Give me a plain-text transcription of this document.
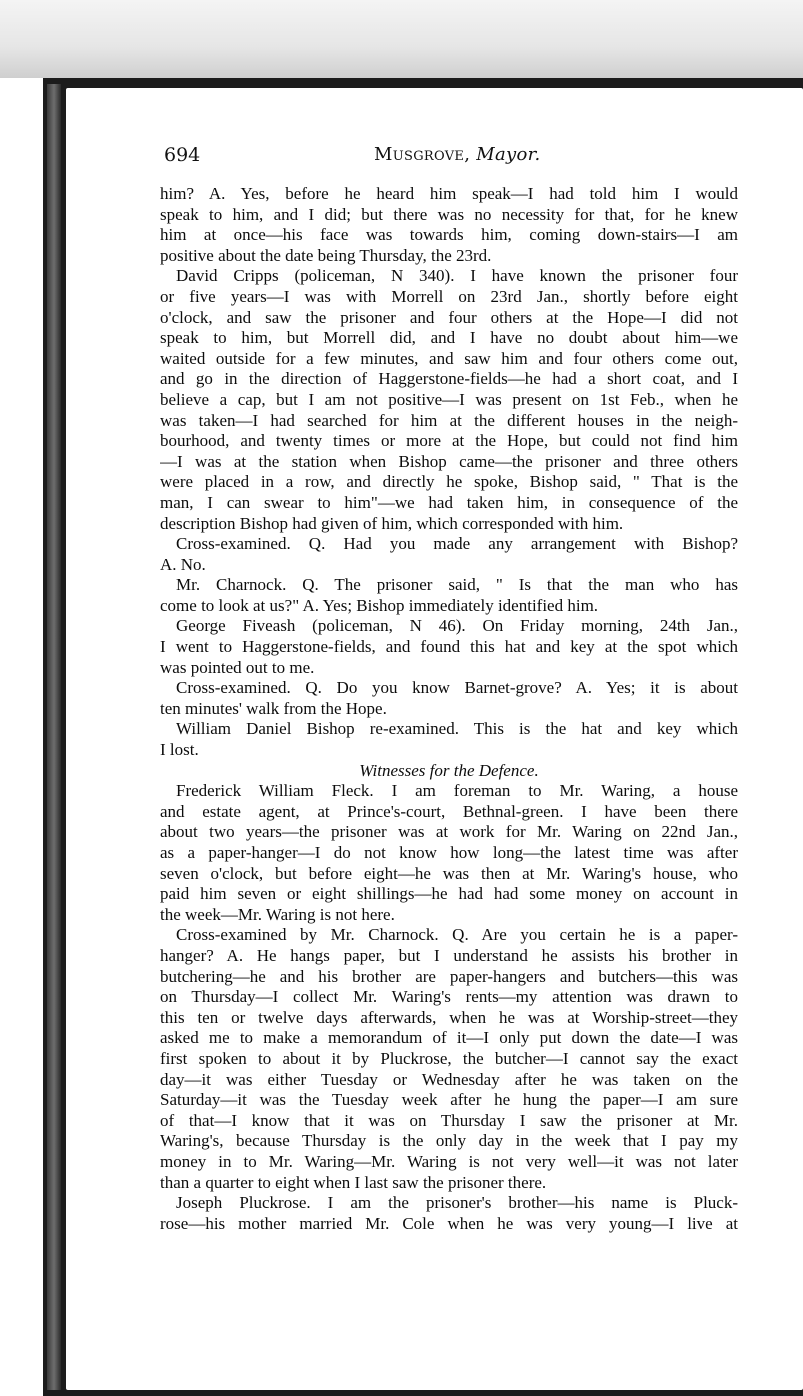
694	Musgrove, Mayor.
him? A. Yes, before he heard him speak—I had told him I would
speak to him, and I did; but there was no necessity for that, for he knew
him at once—his face was towards him, coming down-stairs—I am
positive about the date being Thursday, the 23rd.
David Cripps (policeman, N 340). I have known the prisoner four
or five years—I was with Morrell on 23rd Jan., shortly before eight
o'clock, and saw the prisoner and four others at the Hope—I did not
speak to him, but Morrell did, and I have no doubt about him—we
waited outside for a few minutes, and saw him and four others come out,
and go in the direction of Haggerstone-fields—he had a short coat, and I
believe a cap, but I am not positive—I was present on 1st Feb., when he
was taken—I had searched for him at the different houses in the neigh-
bourhood, and twenty times or more at the Hope, but could not find him
—I was at the station when Bishop came—the prisoner and three others
were placed in a row, and directly he spoke, Bishop said, " That is the
man, I can swear to him"—we had taken him, in consequence of the
description Bishop had given of him, which corresponded with him.
Cross-examined. Q. Had you made any arrangement with Bishop?
A. No.
Mr. Charnock. Q. The prisoner said, " Is that the man who has
come to look at us?" A. Yes; Bishop immediately identified him.
George Fiveash (policeman, N 46). On Friday morning, 24th Jan.,
I went to Haggerstone-fields, and found this hat and key at the spot which
was pointed out to me.
Cross-examined. Q. Do you know Barnet-grove? A. Yes; it is about
ten minutes' walk from the Hope.
William Daniel Bishop re-examined. This is the hat and key which
I lost.
Witnesses for the Defence.
Frederick William Fleck. I am foreman to Mr. Waring, a house
and estate agent, at Prince's-court, Bethnal-green. I have been there
about two years—the prisoner was at work for Mr. Waring on 22nd Jan.,
as a paper-hanger—I do not know how long—the latest time was after
seven o'clock, but before eight—he was then at Mr. Waring's house, who
paid him seven or eight shillings—he had had some money on account in
the week—Mr. Waring is not here.
Cross-examined by Mr. Charnock. Q. Are you certain he is a paper-
hanger? A. He hangs paper, but I understand he assists his brother in
butchering—he and his brother are paper-hangers and butchers—this was
on Thursday—I collect Mr. Waring's rents—my attention was drawn to
this ten or twelve days afterwards, when he was at Worship-street—they
asked me to make a memorandum of it—I only put down the date—I was
first spoken to about it by Pluckrose, the butcher—I cannot say the exact
day—it was either Tuesday or Wednesday after he was taken on the
Saturday—it was the Tuesday week after he hung the paper—I am sure
of that—I know that it was on Thursday I saw the prisoner at Mr.
Waring's, because Thursday is the only day in the week that I pay my
money in to Mr. Waring—Mr. Waring is not very well—it was not later
than a quarter to eight when I last saw the prisoner there.
Joseph Pluckrose. I am the prisoner's brother—his name is Pluck-
rose—his mother married Mr. Cole when he was very young—I live at
